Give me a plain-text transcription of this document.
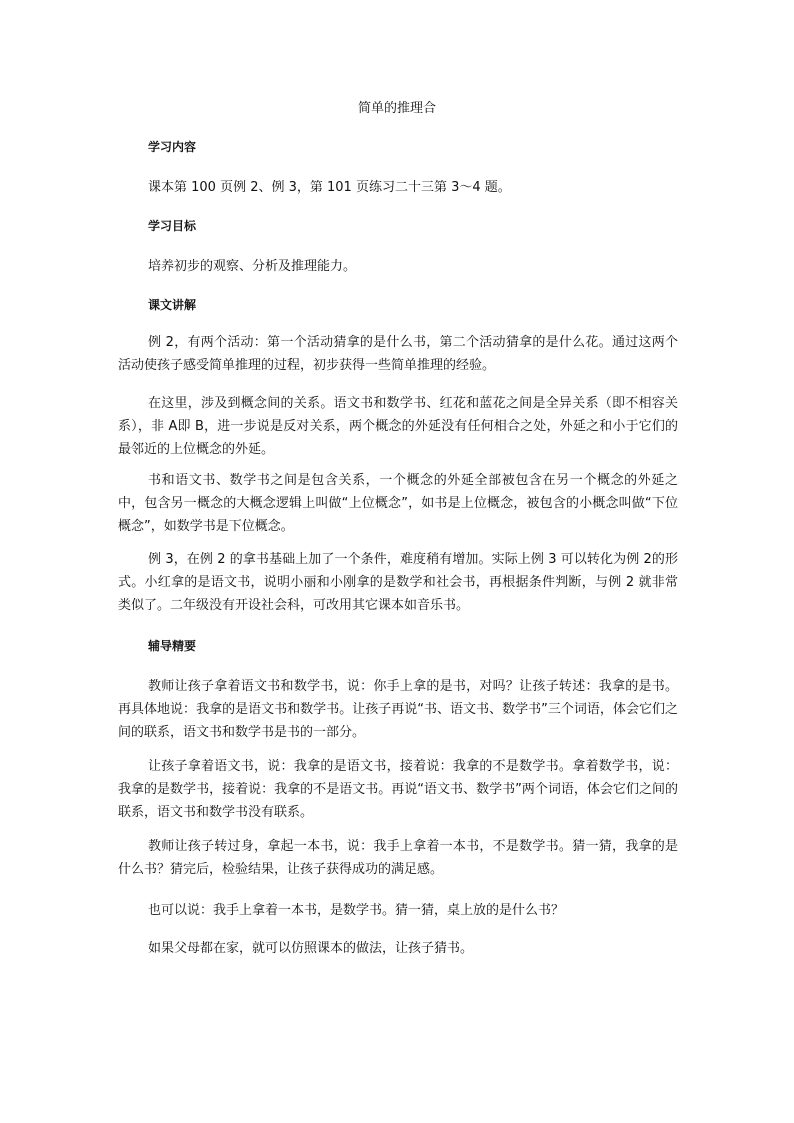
简单的推理合
学习内容

课本第 100 页例 2、例 3，第 101 页练习二十三第 3～4 题。

学习目标

培养初步的观察、分析及推理能力。

课文讲解

例 2，有两个活动：第一个活动猜拿的是什么书，第二个活动猜拿的是什么花。通过这两个活动使孩子感受简单推理的过程，初步获得一些简单推理的经验。

在这里，涉及到概念间的关系。语文书和数学书、红花和蓝花之间是全异关系（即不相容关系），非 A即 B，进一步说是反对关系，两个概念的外延没有任何相合之处，外延之和小于它们的最邻近的上位概念的外延。

书和语文书、数学书之间是包含关系，一个概念的外延全部被包含在另一个概念的外延之中，包含另一概念的大概念逻辑上叫做“上位概念”，如书是上位概念，被包含的小概念叫做“下位概念”，如数学书是下位概念。

例 3，在例 2 的拿书基础上加了一个条件，难度稍有增加。实际上例 3 可以转化为例 2的形式。小红拿的是语文书，说明小丽和小刚拿的是数学和社会书，再根据条件判断，与例 2 就非常类似了。二年级没有开设社会科，可改用其它课本如音乐书。

辅导精要

教师让孩子拿着语文书和数学书，说：你手上拿的是书，对吗？让孩子转述：我拿的是书。再具体地说：我拿的是语文书和数学书。让孩子再说“书、语文书、数学书”三个词语，体会它们之间的联系，语文书和数学书是书的一部分。

让孩子拿着语文书，说：我拿的是语文书，接着说：我拿的不是数学书。拿着数学书，说：我拿的是数学书，接着说：我拿的不是语文书。再说“语文书、数学书”两个词语，体会它们之间的联系，语文书和数学书没有联系。

教师让孩子转过身，拿起一本书，说：我手上拿着一本书，不是数学书。猜一猜，我拿的是什么书？猜完后，检验结果，让孩子获得成功的满足感。

也可以说：我手上拿着一本书，是数学书。猜一猜，桌上放的是什么书？

如果父母都在家，就可以仿照课本的做法，让孩子猜书。
